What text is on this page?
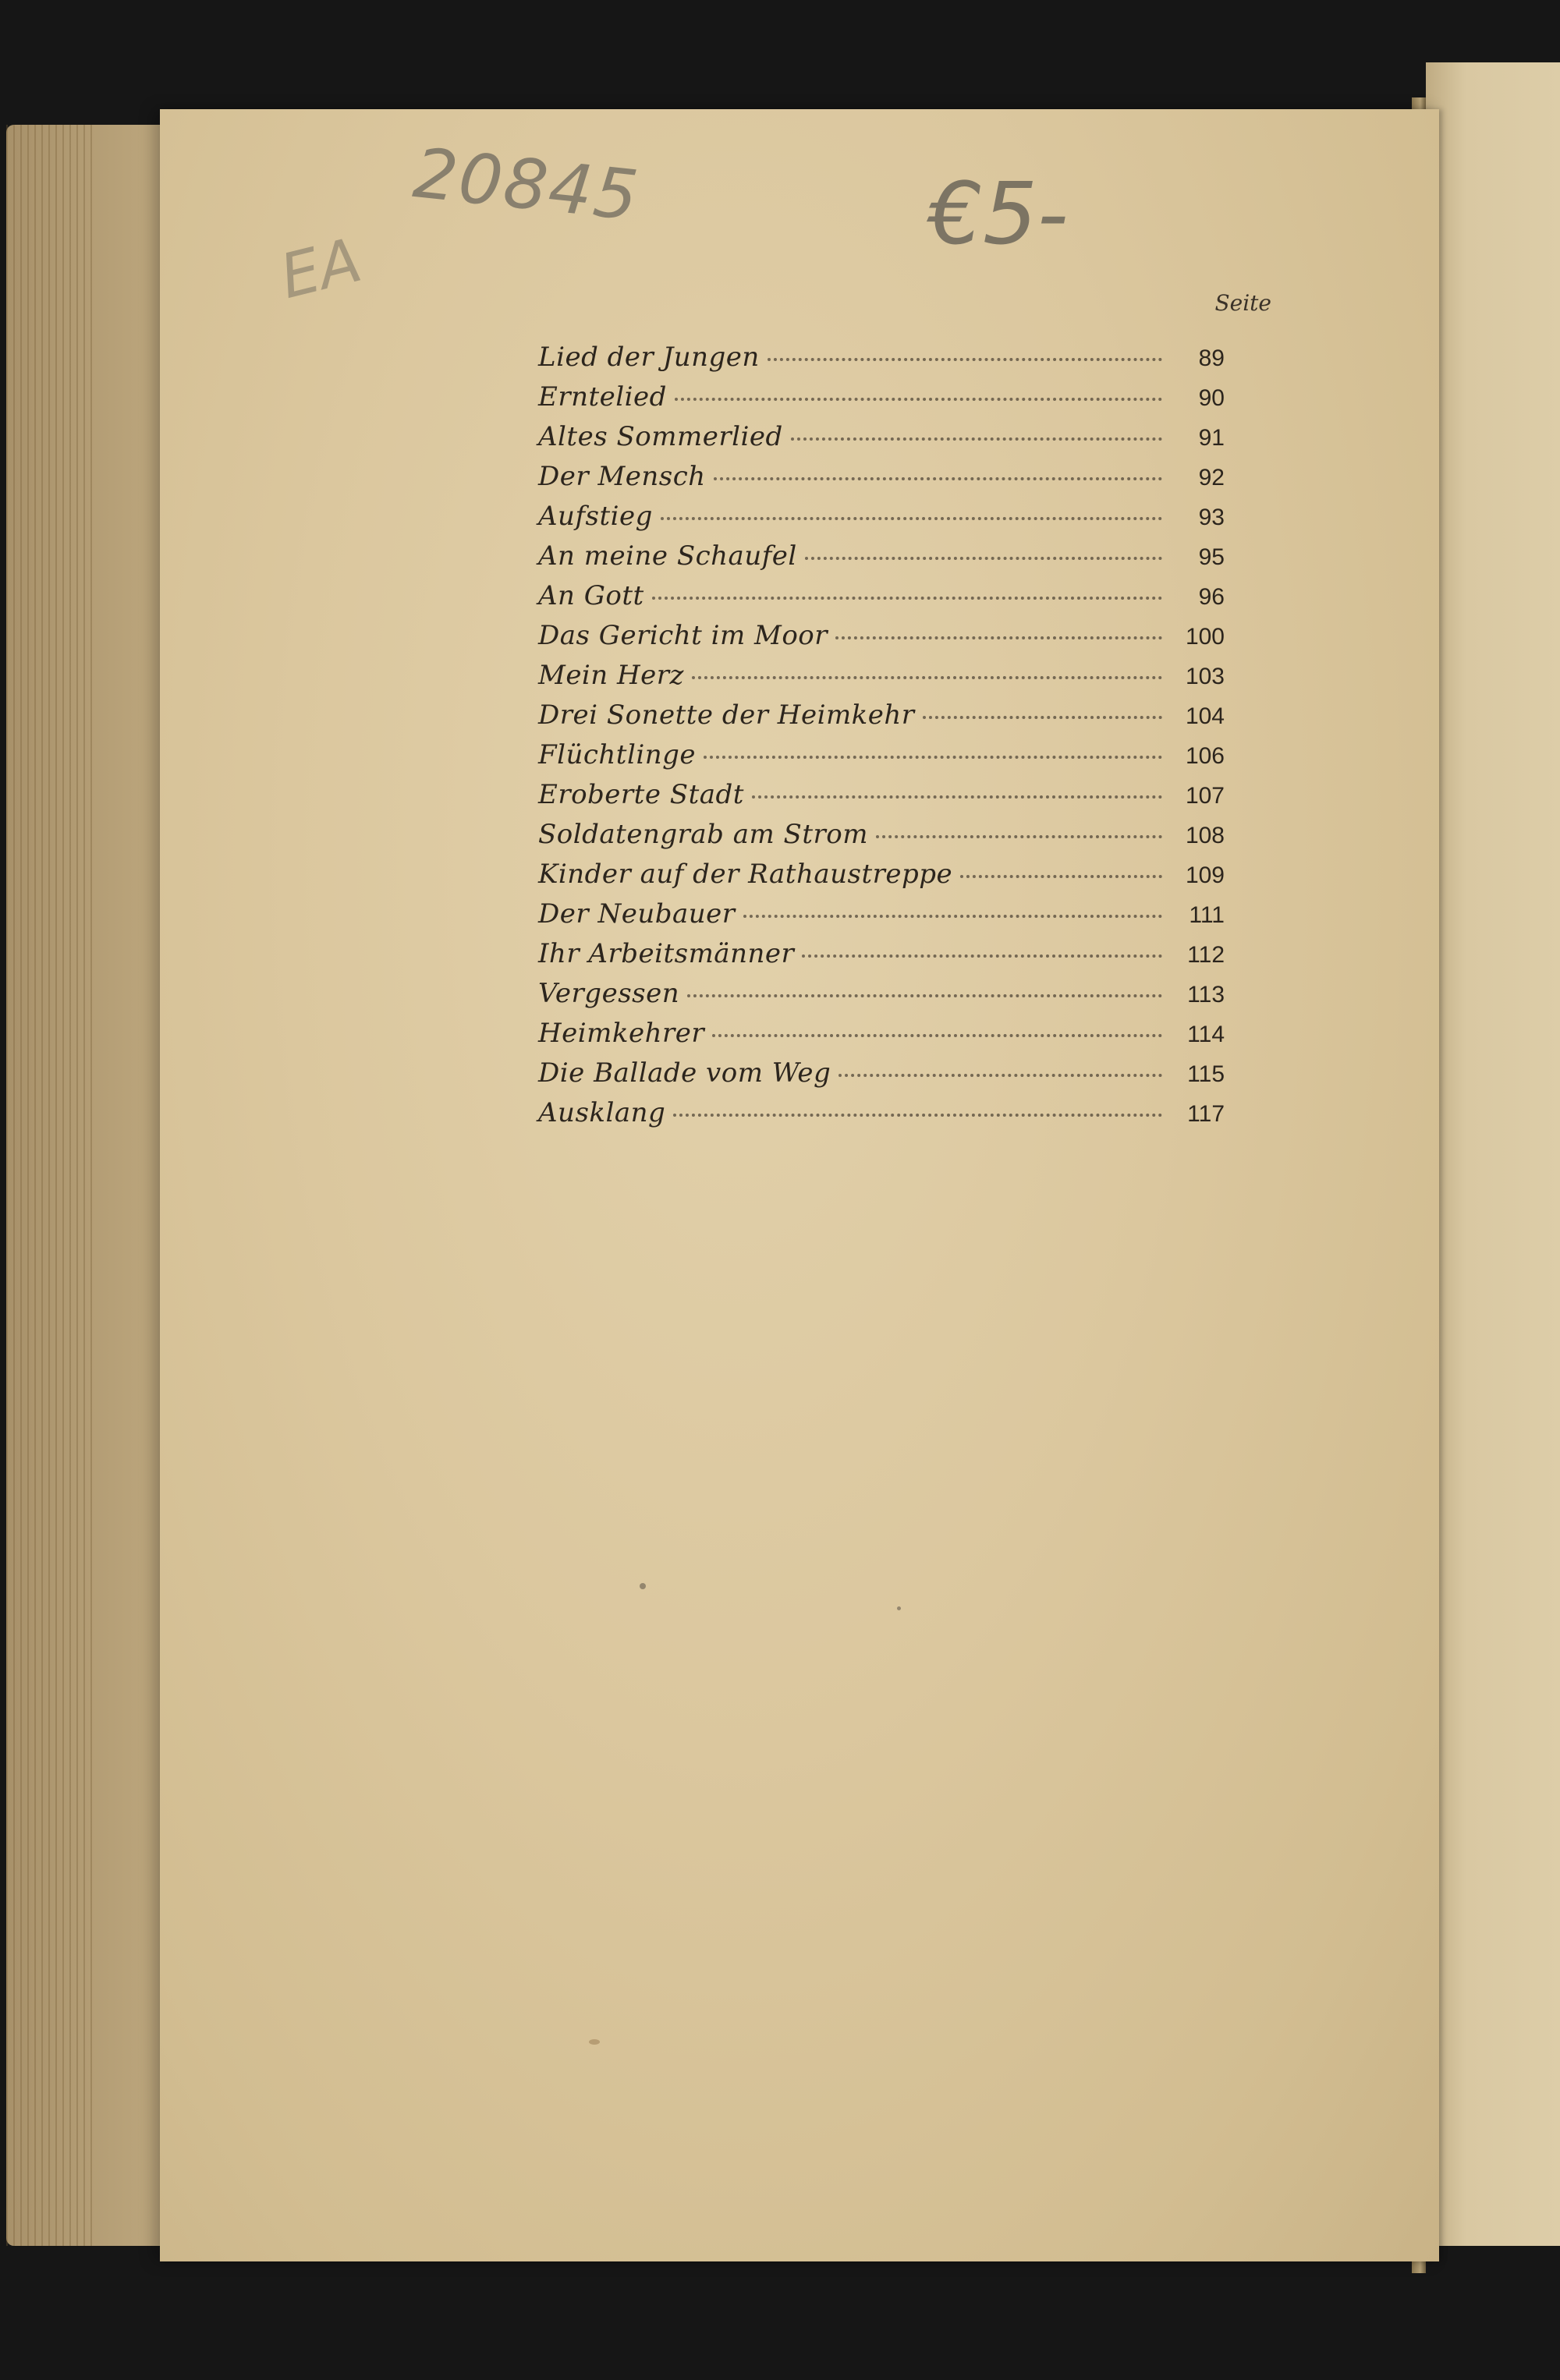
20845
EA
€5-
Seite
Lied der Jungen	89
Erntelied	90
Altes Sommerlied	91
Der Mensch	92
Aufstieg	93
An meine Schaufel	95
An Gott	96
Das Gericht im Moor	100
Mein Herz	103
Drei Sonette der Heimkehr	104
Flüchtlinge	106
Eroberte Stadt	107
Soldatengrab am Strom	108
Kinder auf der Rathaustreppe	109
Der Neubauer	111
Ihr Arbeitsmänner	112
Vergessen	113
Heimkehrer	114
Die Ballade vom Weg	115
Ausklang	117
